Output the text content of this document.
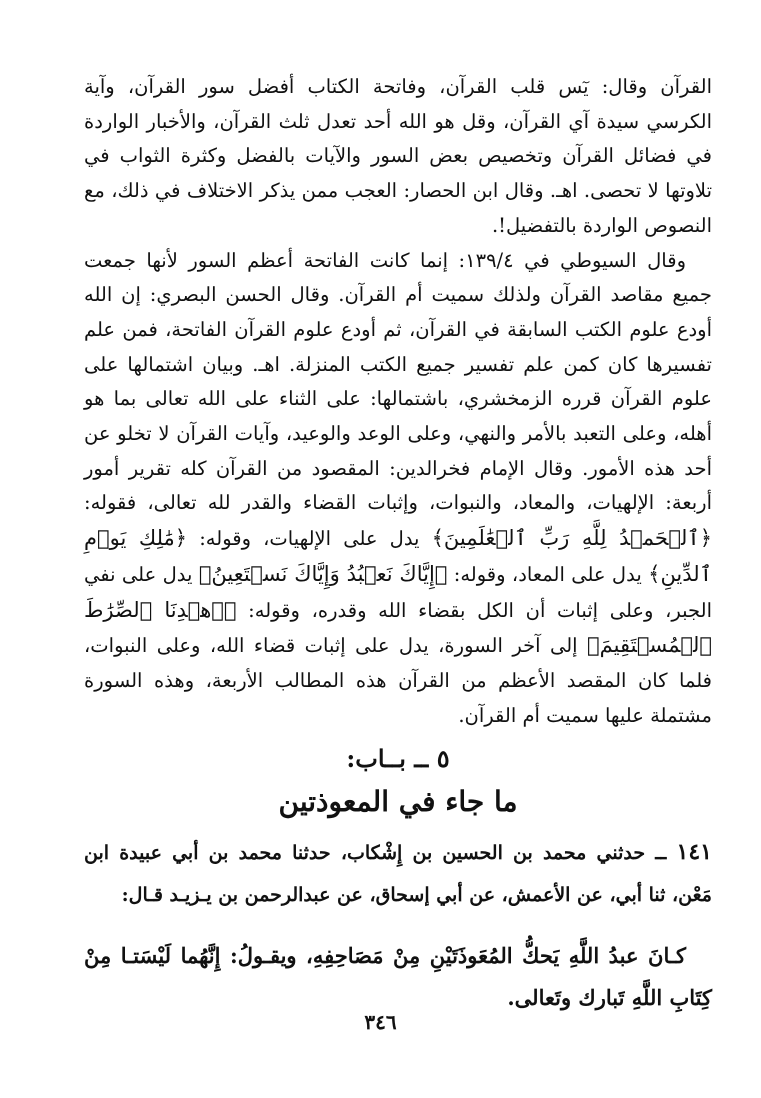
القرآن وقال: يٓس قلب القرآن، وفاتحة الكتاب أفضل سور القرآن، وآية الكرسي سيدة آي القرآن، وقل هو الله أحد تعدل ثلث القرآن، والأخبار الواردة في فضائل القرآن وتخصيص بعض السور والآيات بالفضل وكثرة الثواب في تلاوتها لا تحصى. اهـ. وقال ابن الحصار: العجب ممن يذكر الاختلاف في ذلك، مع النصوص الواردة بالتفضيل!.

وقال السيوطي في ١٣٩/٤: إنما كانت الفاتحة أعظم السور لأنها جمعت جميع مقاصد القرآن ولذلك سميت أم القرآن. وقال الحسن البصري: إن الله أودع علوم الكتب السابقة في القرآن، ثم أودع علوم القرآن الفاتحة، فمن علم تفسيرها كان كمن علم تفسير جميع الكتب المنزلة. اهـ. وبيان اشتمالها على علوم القرآن قرره الزمخشري، باشتمالها: على الثناء على الله تعالى بما هو أهله، وعلى التعبد بالأمر والنهي، وعلى الوعد والوعيد، وآيات القرآن لا تخلو عن أحد هذه الأمور. وقال الإمام فخرالدين: المقصود من القرآن كله تقرير أمور أربعة: الإلهيات، والمعاد، والنبوات، وإثبات القضاء والقدر لله تعالى، فقوله: ﴿ٱلۡحَمۡدُ لِلَّهِ رَبِّ ٱلۡعَٰلَمِينَ﴾ يدل على الإلهيات، وقوله: ﴿مَٰلِكِ يَوۡمِ ٱلدِّينِ﴾ يدل على المعاد، وقوله: ﴿إِيَّاكَ نَعۡبُدُ وَإِيَّاكَ نَسۡتَعِينُ﴾ يدل على نفي الجبر، وعلى إثبات أن الكل بقضاء الله وقدره، وقوله: ﴿ٱهۡدِنَا ٱلصِّرَٰطَ ٱلۡمُسۡتَقِيمَ﴾ إلى آخر السورة، يدل على إثبات قضاء الله، وعلى النبوات، فلما كان المقصد الأعظم من القرآن هذه المطالب الأربعة، وهذه السورة مشتملة عليها سميت أم القرآن.

٥ ــ بــاب:

ما جاء في المعوذتين

١٤١ ــ حدثني محمد بن الحسين بن إِشْكاب، حدثنا محمد بن أبي عبيدة ابن مَعْن، ثنا أبي، عن الأعمش، عن أبي إسحاق، عن عبدالرحمن بن يـزيـد قـال:

كـانَ عبدُ اللَّهِ يَحكُّ المُعَوذَتَيْنِ مِنْ مَصَاحِفِهِ، ويقـولُ: إِنَّهُما لَيْسَتـا مِنْ كِتَابِ اللَّهِ تَبارك وتَعالى.

٣٤٦
